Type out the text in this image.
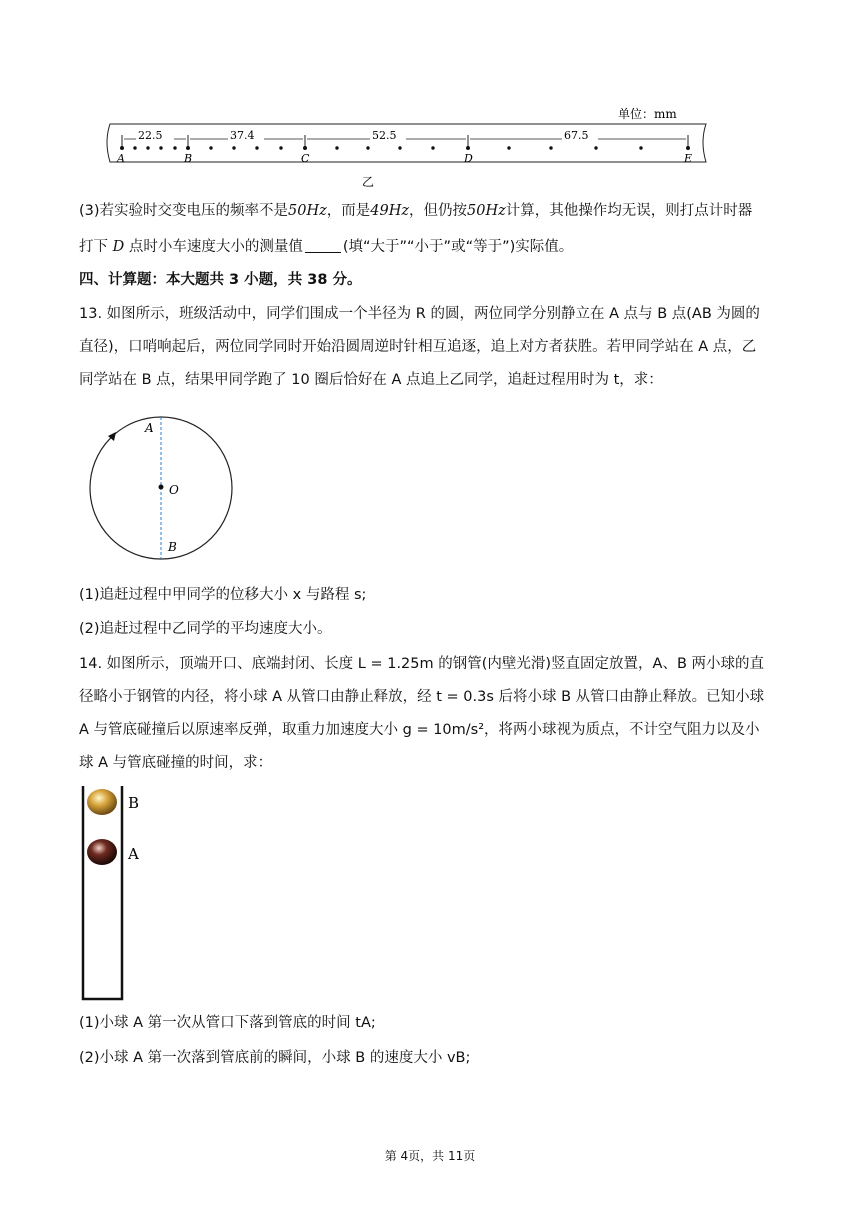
单位：mm
22.5	37.4	52.5	67.5
A	B	C	D	E
乙
(3)若实验时交变电压的频率不是50Hz，而是49Hz，但仍按50Hz计算，其他操作均无误，则打点计时器
打下 D 点时小车速度大小的测量值	(填“大于”“小于”或“等于”)实际值。
四、计算题：本大题共 3 小题，共 38 分。
13. 如图所示，班级活动中，同学们围成一个半径为 R 的圆，两位同学分别静立在 A 点与 B 点(AB 为圆的
直径)，口哨响起后，两位同学同时开始沿圆周逆时针相互追逐，追上对方者获胜。若甲同学站在 A 点，乙
同学站在 B 点，结果甲同学跑了 10 圈后恰好在 A 点追上乙同学，追赶过程用时为 t，求：
A
O
B
(1)追赶过程中甲同学的位移大小 x 与路程 s;
(2)追赶过程中乙同学的平均速度大小。
14. 如图所示，顶端开口、底端封闭、长度 L = 1.25m 的钢管(内壁光滑)竖直固定放置，A、B 两小球的直
径略小于钢管的内径，将小球 A 从管口由静止释放，经 t = 0.3s 后将小球 B 从管口由静止释放。已知小球
A 与管底碰撞后以原速率反弹，取重力加速度大小 g = 10m/s²，将两小球视为质点，不计空气阻力以及小
球 A 与管底碰撞的时间，求：
B
A
(1)小球 A 第一次从管口下落到管底的时间 tA;
(2)小球 A 第一次落到管底前的瞬间，小球 B 的速度大小 vB;
第 4页，共 11页
